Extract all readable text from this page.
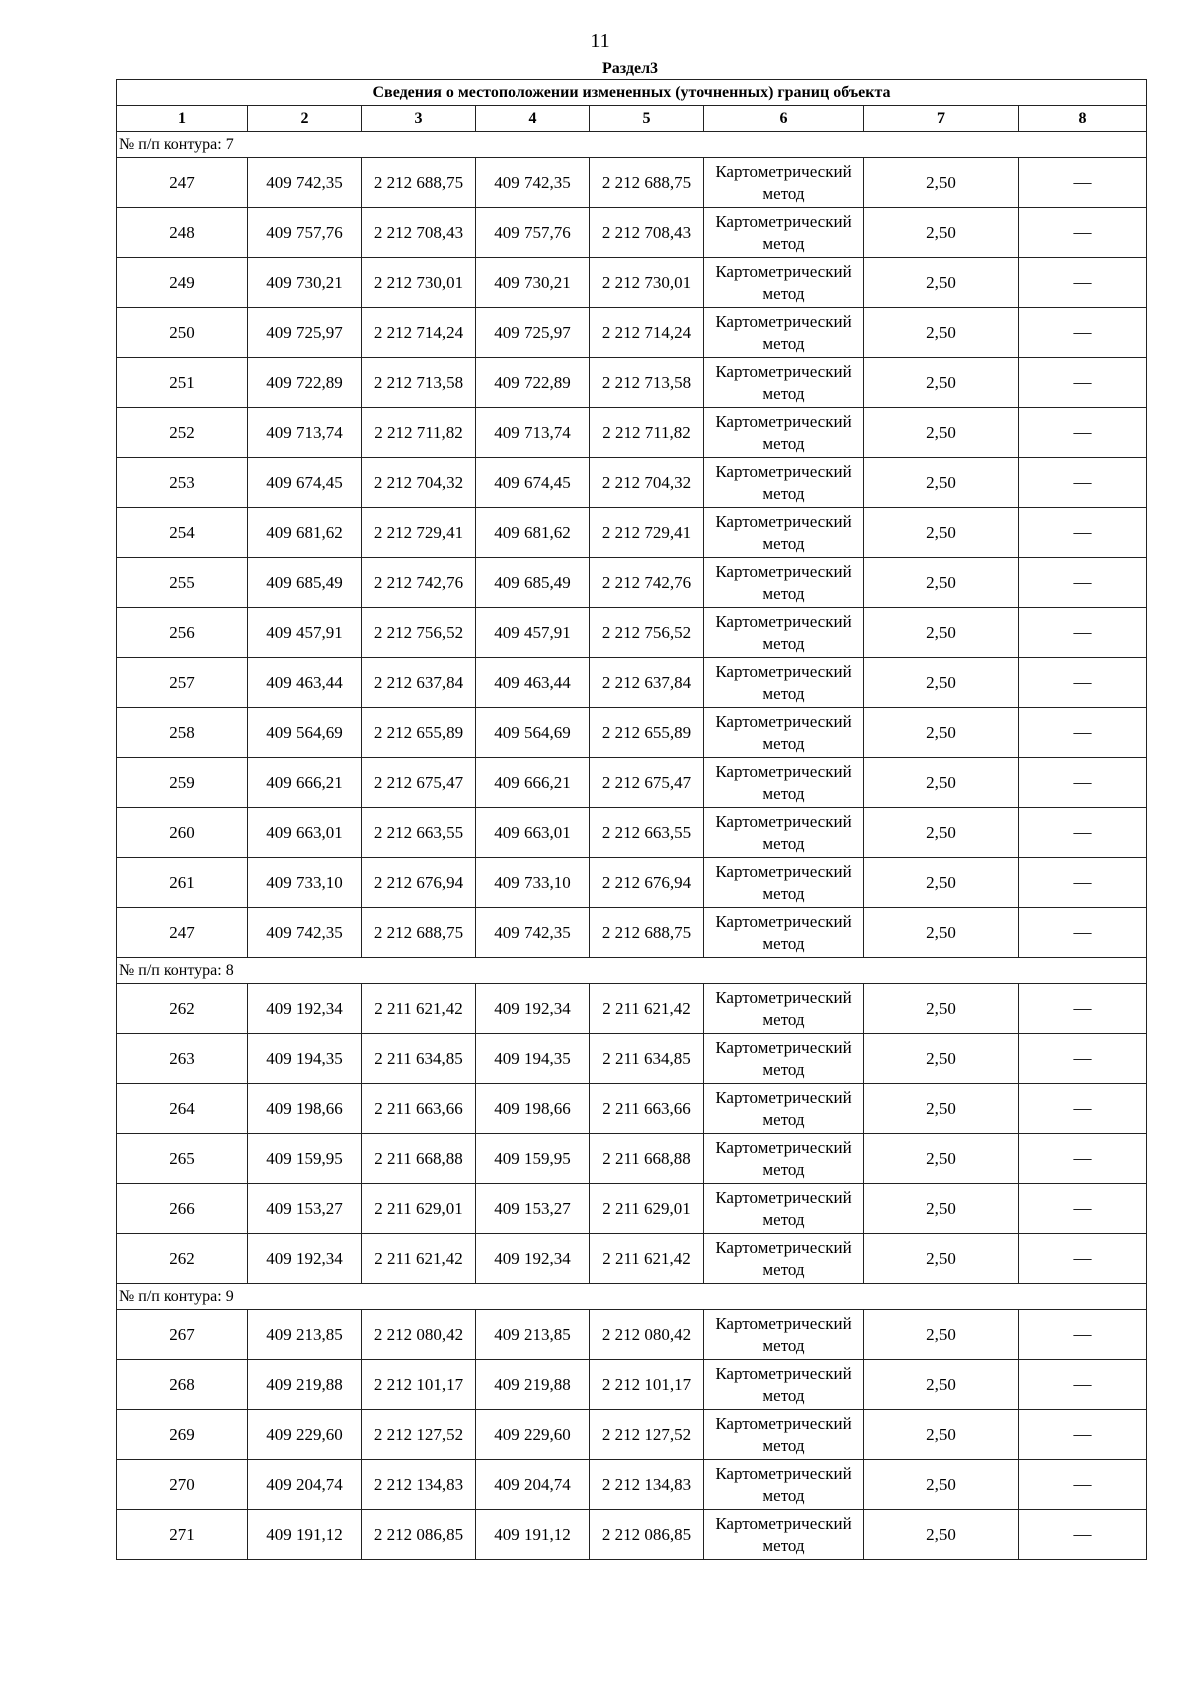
11
Раздел3
Сведения о местоположении измененных (уточненных) границ объекта							
1	2	3	4	5	6	7	8
№ п/п контура: 7							
247	409 742,35	2 212 688,75	409 742,35	2 212 688,75	Картометрический метод	2,50	—
248	409 757,76	2 212 708,43	409 757,76	2 212 708,43	Картометрический метод	2,50	—
249	409 730,21	2 212 730,01	409 730,21	2 212 730,01	Картометрический метод	2,50	—
250	409 725,97	2 212 714,24	409 725,97	2 212 714,24	Картометрический метод	2,50	—
251	409 722,89	2 212 713,58	409 722,89	2 212 713,58	Картометрический метод	2,50	—
252	409 713,74	2 212 711,82	409 713,74	2 212 711,82	Картометрический метод	2,50	—
253	409 674,45	2 212 704,32	409 674,45	2 212 704,32	Картометрический метод	2,50	—
254	409 681,62	2 212 729,41	409 681,62	2 212 729,41	Картометрический метод	2,50	—
255	409 685,49	2 212 742,76	409 685,49	2 212 742,76	Картометрический метод	2,50	—
256	409 457,91	2 212 756,52	409 457,91	2 212 756,52	Картометрический метод	2,50	—
257	409 463,44	2 212 637,84	409 463,44	2 212 637,84	Картометрический метод	2,50	—
258	409 564,69	2 212 655,89	409 564,69	2 212 655,89	Картометрический метод	2,50	—
259	409 666,21	2 212 675,47	409 666,21	2 212 675,47	Картометрический метод	2,50	—
260	409 663,01	2 212 663,55	409 663,01	2 212 663,55	Картометрический метод	2,50	—
261	409 733,10	2 212 676,94	409 733,10	2 212 676,94	Картометрический метод	2,50	—
247	409 742,35	2 212 688,75	409 742,35	2 212 688,75	Картометрический метод	2,50	—
№ п/п контура: 8							
262	409 192,34	2 211 621,42	409 192,34	2 211 621,42	Картометрический метод	2,50	—
263	409 194,35	2 211 634,85	409 194,35	2 211 634,85	Картометрический метод	2,50	—
264	409 198,66	2 211 663,66	409 198,66	2 211 663,66	Картометрический метод	2,50	—
265	409 159,95	2 211 668,88	409 159,95	2 211 668,88	Картометрический метод	2,50	—
266	409 153,27	2 211 629,01	409 153,27	2 211 629,01	Картометрический метод	2,50	—
262	409 192,34	2 211 621,42	409 192,34	2 211 621,42	Картометрический метод	2,50	—
№ п/п контура: 9							
267	409 213,85	2 212 080,42	409 213,85	2 212 080,42	Картометрический метод	2,50	—
268	409 219,88	2 212 101,17	409 219,88	2 212 101,17	Картометрический метод	2,50	—
269	409 229,60	2 212 127,52	409 229,60	2 212 127,52	Картометрический метод	2,50	—
270	409 204,74	2 212 134,83	409 204,74	2 212 134,83	Картометрический метод	2,50	—
271	409 191,12	2 212 086,85	409 191,12	2 212 086,85	Картометрический метод	2,50	—
